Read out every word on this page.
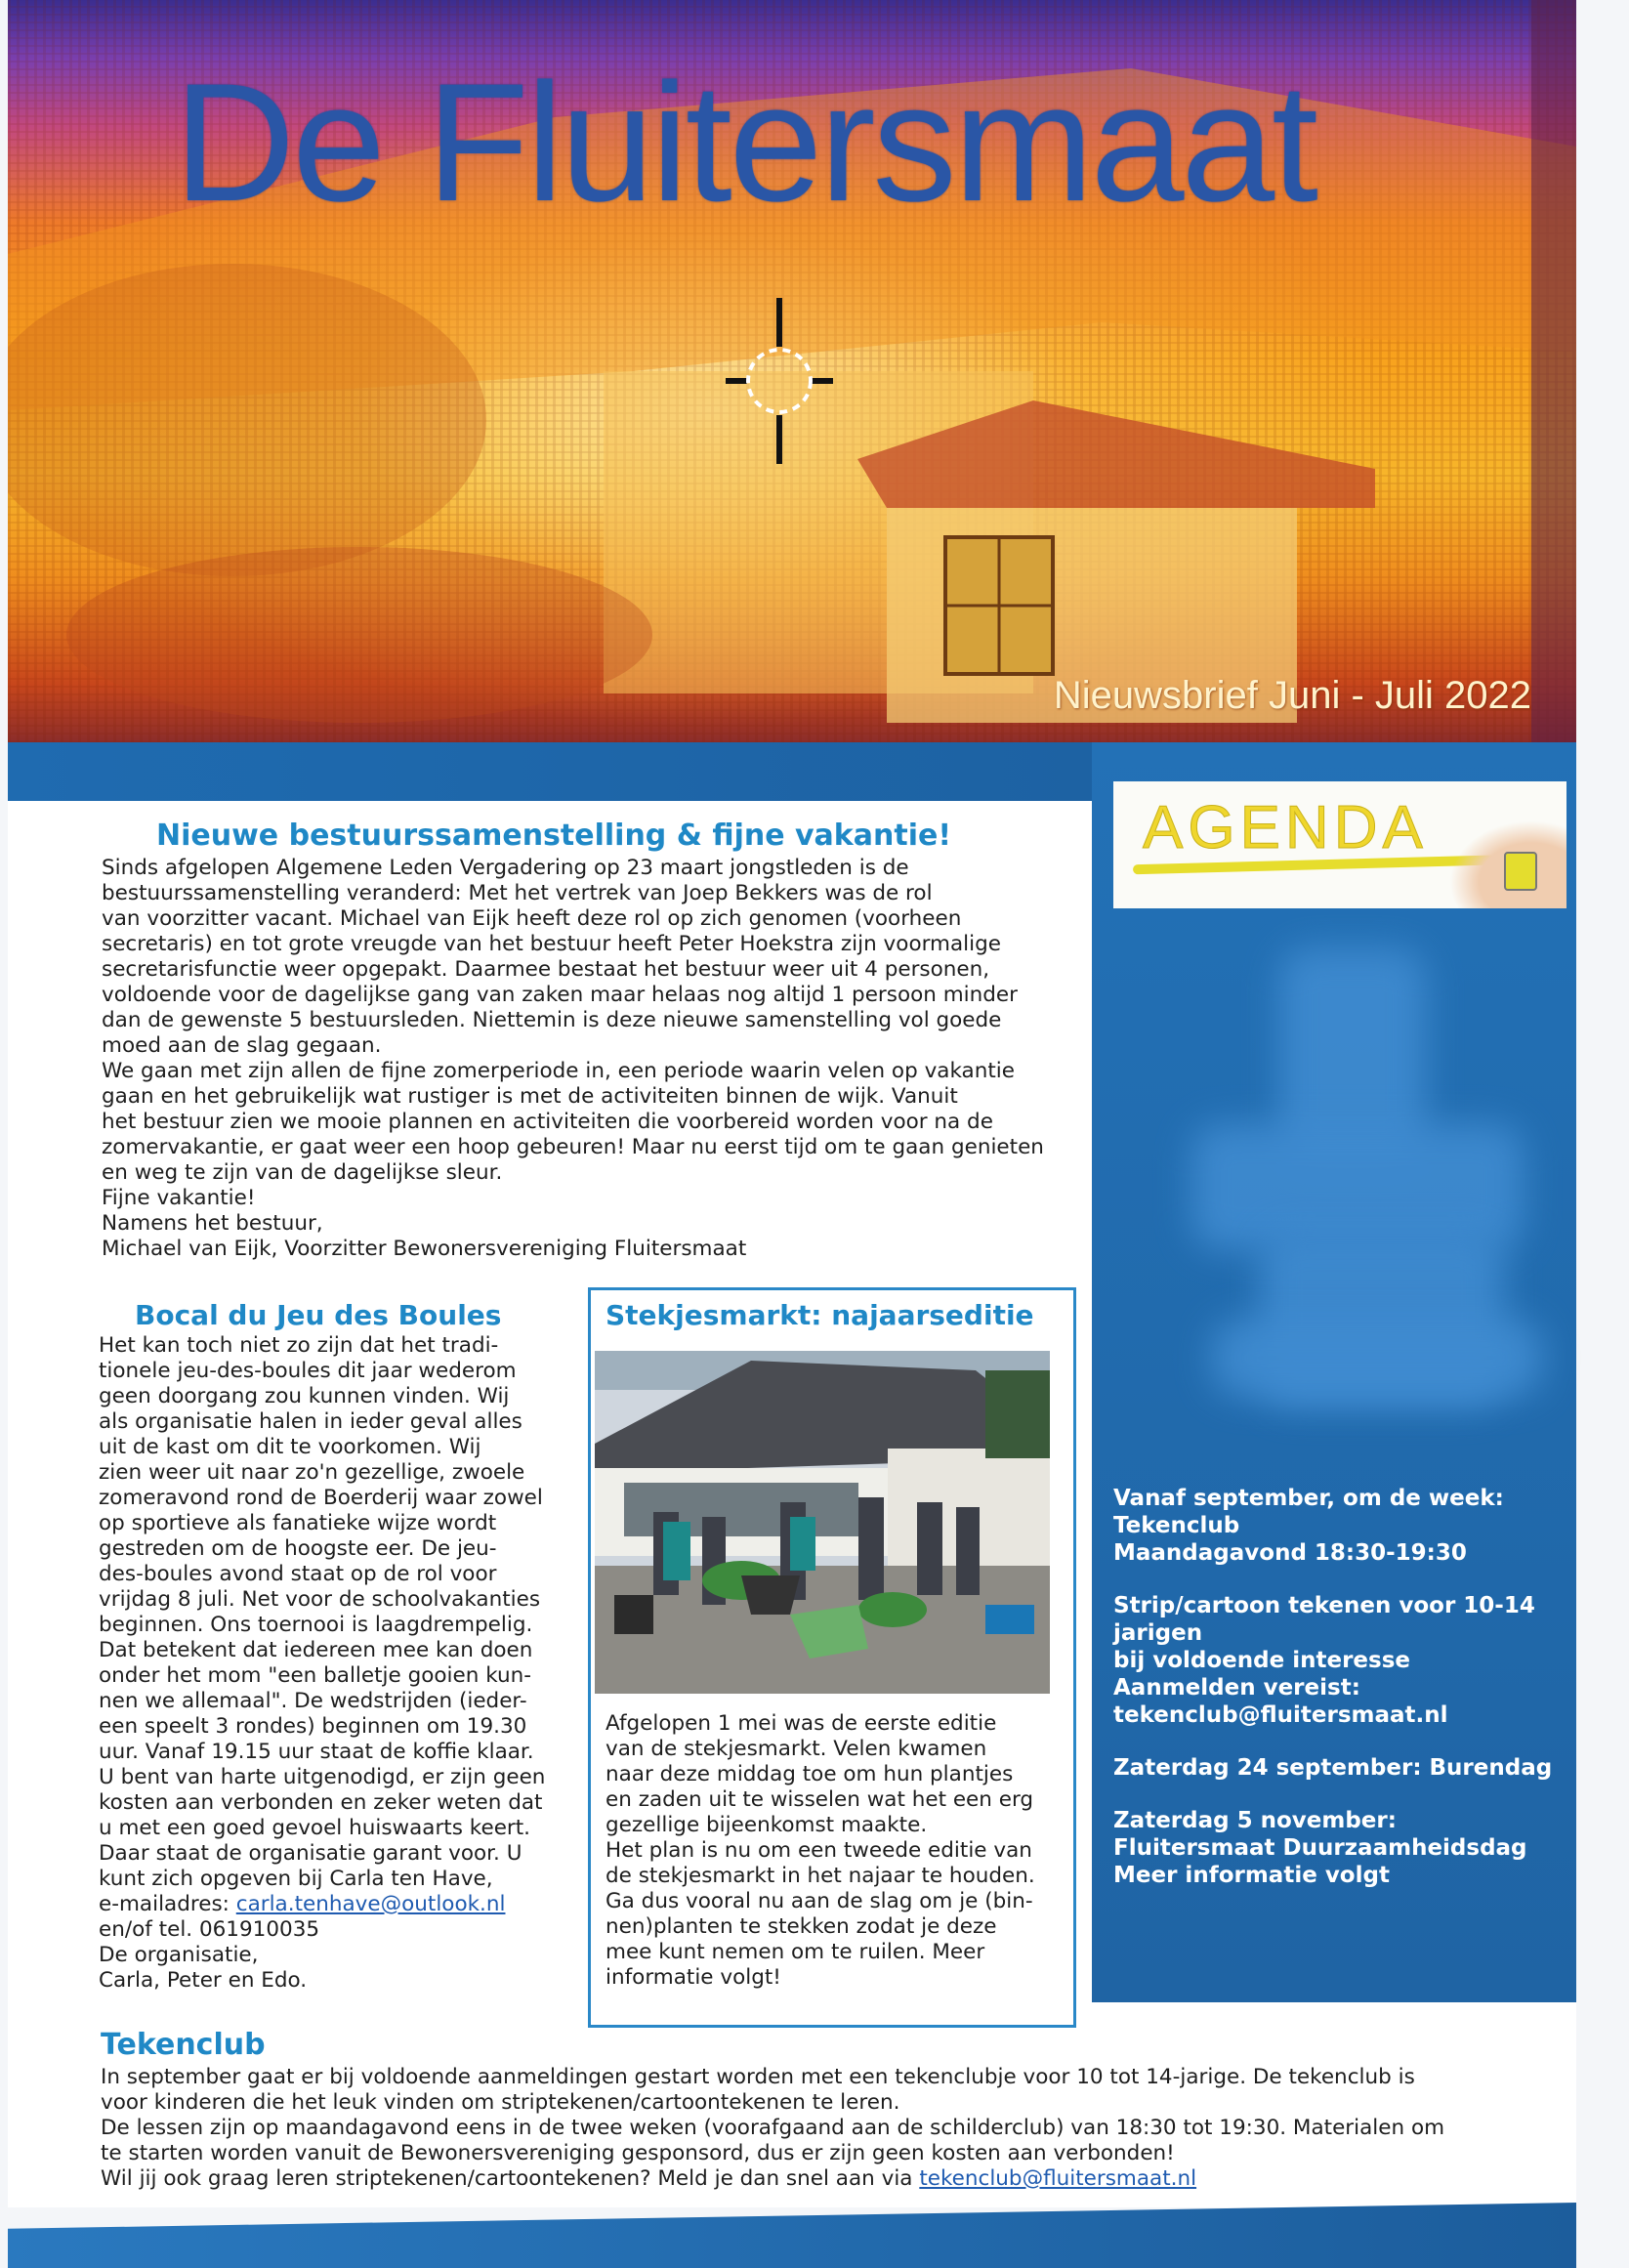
De Fluitersmaat
Nieuwsbrief Juni - Juli 2022
AGENDA
Vanaf september, om de week:
Tekenclub
Maandagavond 18:30-19:30
Strip/cartoon tekenen voor 10-14
jarigen
bij voldoende interesse
Aanmelden vereist:
tekenclub@fluitersmaat.nl
Zaterdag 24 september: Burendag
Zaterdag 5 november:
Fluitersmaat Duurzaamheidsdag
Meer informatie volgt
Nieuwe bestuurssamenstelling & fijne vakantie!
Sinds afgelopen Algemene Leden Vergadering op 23 maart jongstleden is de
bestuurssamenstelling veranderd: Met het vertrek van Joep Bekkers was de rol
van voorzitter vacant. Michael van Eijk heeft deze rol op zich genomen (voorheen
secretaris) en tot grote vreugde van het bestuur heeft Peter Hoekstra zijn voormalige
secretarisfunctie weer opgepakt. Daarmee bestaat het bestuur weer uit 4 personen,
voldoende voor de dagelijkse gang van zaken maar helaas nog altijd 1 persoon minder
dan de gewenste 5 bestuursleden. Niettemin is deze nieuwe samenstelling vol goede
moed aan de slag gegaan.
We gaan met zijn allen de fijne zomerperiode in, een periode waarin velen op vakantie
gaan en het gebruikelijk wat rustiger is met de activiteiten binnen de wijk. Vanuit
het bestuur zien we mooie plannen en activiteiten die voorbereid worden voor na de
zomervakantie, er gaat weer een hoop gebeuren! Maar nu eerst tijd om te gaan genieten
en weg te zijn van de dagelijkse sleur.
Fijne vakantie!
Namens het bestuur,
Michael van Eijk, Voorzitter Bewonersvereniging Fluitersmaat
Bocal du Jeu des Boules
Het kan toch niet zo zijn dat het tradi-
tionele jeu-des-boules dit jaar wederom
geen doorgang zou kunnen vinden. Wij
als organisatie halen in ieder geval alles
uit de kast om dit te voorkomen. Wij
zien weer uit naar zo'n gezellige, zwoele
zomeravond rond de Boerderij waar zowel
op sportieve als fanatieke wijze wordt
gestreden om de hoogste eer. De jeu-
des-boules avond staat op de rol voor
vrijdag 8 juli. Net voor de schoolvakanties
beginnen. Ons toernooi is laagdrempelig.
Dat betekent dat iedereen mee kan doen
onder het mom "een balletje gooien kun-
nen we allemaal". De wedstrijden (ieder-
een speelt 3 rondes) beginnen om 19.30
uur. Vanaf 19.15 uur staat de koffie klaar.
U bent van harte uitgenodigd, er zijn geen
kosten aan verbonden en zeker weten dat
u met een goed gevoel huiswaarts keert.
Daar staat de organisatie garant voor. U
kunt zich opgeven bij Carla ten Have,
e-mailadres: carla.tenhave@outlook.nl
en/of tel. 061910035
De organisatie,
Carla, Peter en Edo.
Stekjesmarkt: najaarseditie
Afgelopen 1 mei was de eerste editie
van de stekjesmarkt. Velen kwamen
naar deze middag toe om hun plantjes
en zaden uit te wisselen wat het een erg
gezellige bijeenkomst maakte.
Het plan is nu om een tweede editie van
de stekjesmarkt in het najaar te houden.
Ga dus vooral nu aan de slag om je (bin-
nen)planten te stekken zodat je deze
mee kunt nemen om te ruilen. Meer
informatie volgt!
Tekenclub
In september gaat er bij voldoende aanmeldingen gestart worden met een tekenclubje voor 10 tot 14-jarige. De tekenclub is
voor kinderen die het leuk vinden om striptekenen/cartoontekenen te leren.
De lessen zijn op maandagavond eens in de twee weken (voorafgaand aan de schilderclub) van 18:30 tot 19:30. Materialen om
te starten worden vanuit de Bewonersvereniging gesponsord, dus er zijn geen kosten aan verbonden!
Wil jij ook graag leren striptekenen/cartoontekenen? Meld je dan snel aan via tekenclub@fluitersmaat.nl
